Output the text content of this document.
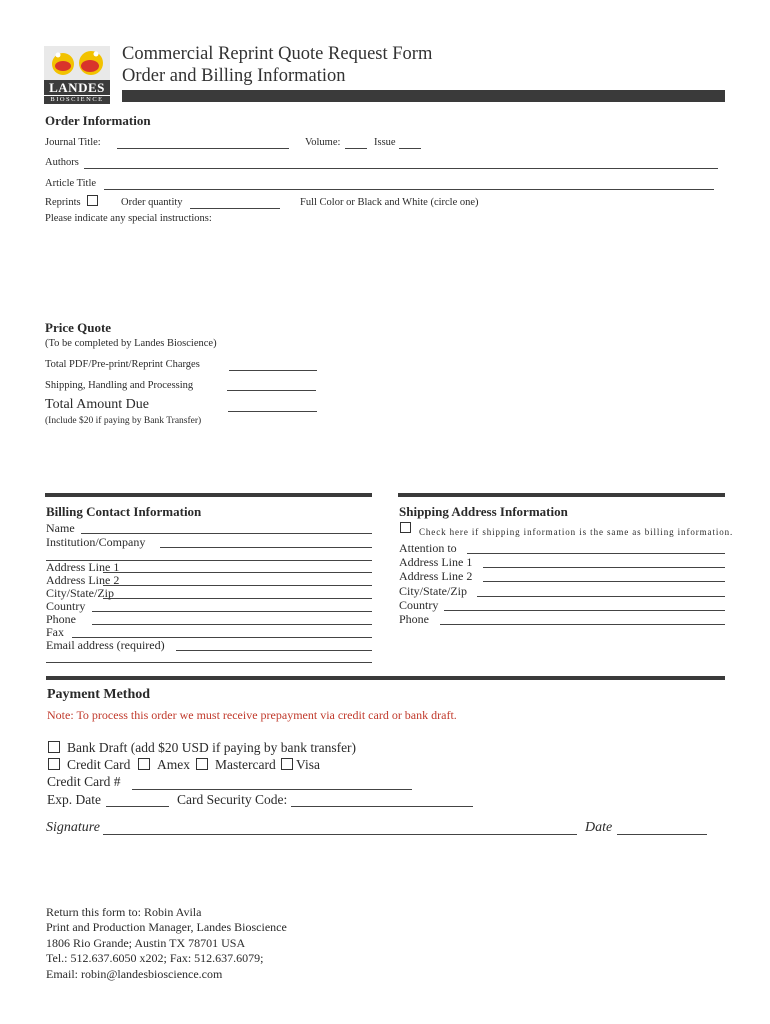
LANDES
BIOSCIENCE
Commercial Reprint Quote Request Form
Order and Billing Information
Order Information
Journal Title:	Volume:	Issue
Authors
Article Title
Reprints	Order quantity	Full Color or Black and White (circle one)
Please indicate any special instructions:
Price Quote
(To be completed by Landes Bioscience)
Total PDF/Pre-print/Reprint Charges
Shipping, Handling and Processing
Total Amount Due
(Include $20 if paying by Bank Transfer)
Billing Contact Information
Name
Institution/Company
Address Line 1
Address Line 2
City/State/Zip
Country
Phone
Fax
Email address (required)
Shipping Address Information
Check here if shipping information is the same as billing information.
Attention to
Address Line 1
Address Line 2
City/State/Zip
Country
Phone
Payment Method
Note: To process this order we must receive prepayment via credit card or bank draft.
Bank Draft (add $20 USD if paying by bank transfer)
Credit Card Amex Mastercard Visa
Credit Card #
Exp. Date	Card Security Code:
Signature	Date
Return this form to: Robin Avila
Print and Production Manager, Landes Bioscience
1806 Rio Grande; Austin TX 78701 USA
Tel.: 512.637.6050 x202; Fax: 512.637.6079;
Email: robin@landesbioscience.com
